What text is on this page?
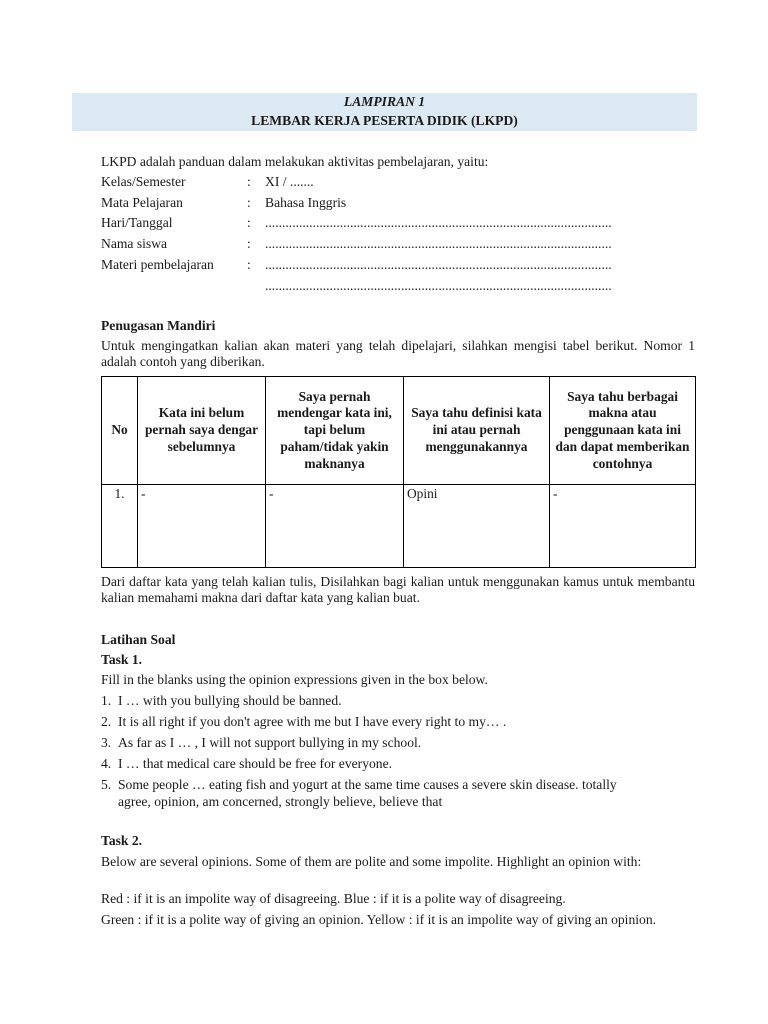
LAMPIRAN 1
LEMBAR KERJA PESERTA DIDIK (LKPD)
LKPD adalah panduan dalam melakukan aktivitas pembelajaran, yaitu:
Kelas/Semester	: XI / .......
Mata Pelajaran	: Bahasa Inggris
Hari/Tanggal	: ......................................................................................................
Nama siswa	: ......................................................................................................
Materi pembelajaran : ......................................................................................................
......................................................................................................
Penugasan Mandiri
Untuk mengingatkan kalian akan materi yang telah dipelajari, silahkan mengisi tabel berikut. Nomor 1 adalah contoh yang diberikan.
No	Kata ini belum pernah saya dengar sebelumnya	Saya pernah mendengar kata ini, tapi belum paham/tidak yakin maknanya	Saya tahu definisi kata ini atau pernah menggunakannya	Saya tahu berbagai makna atau penggunaan kata ini dan dapat memberikan contohnya
1.	-	-	Opini	-
Dari daftar kata yang telah kalian tulis, Disilahkan bagi kalian untuk menggunakan kamus untuk membantu kalian memahami makna dari daftar kata yang kalian buat.
Latihan Soal
Task 1.
Fill in the blanks using the opinion expressions given in the box below.
1. I … with you bullying should be banned.
2. It is all right if you don't agree with me but I have every right to my… .
3. As far as I … , I will not support bullying in my school.
4. I … that medical care should be free for everyone.
5. Some people … eating fish and yogurt at the same time causes a severe skin disease. totally
agree, opinion, am concerned, strongly believe, believe that
Task 2.
Below are several opinions. Some of them are polite and some impolite. Highlight an opinion with:
Red : if it is an impolite way of disagreeing. Blue : if it is a polite way of disagreeing.
Green : if it is a polite way of giving an opinion. Yellow : if it is an impolite way of giving an opinion.
